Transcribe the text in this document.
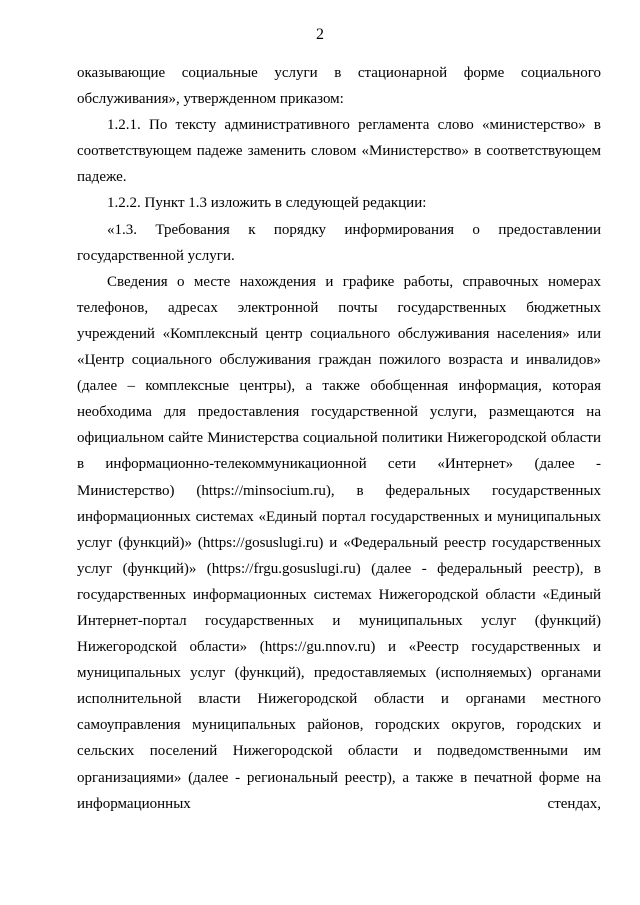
2

оказывающие социальные услуги в стационарной форме социального обслуживания», утвержденном приказом:

1.2.1. По тексту административного регламента слово «министерство» в соответствующем падеже заменить словом «Министерство» в соответствующем падеже.

1.2.2. Пункт 1.3 изложить в следующей редакции:

«1.3. Требования к порядку информирования о предоставлении государственной услуги.

Сведения о месте нахождения и графике работы, справочных номерах телефонов, адресах электронной почты государственных бюджетных учреждений «Комплексный центр социального обслуживания населения» или «Центр социального обслуживания граждан пожилого возраста и инвалидов» (далее – комплексные центры), а также обобщенная информация, которая необходима для предоставления государственной услуги, размещаются на официальном сайте Министерства социальной политики Нижегородской области в информационно-телекоммуникационной сети «Интернет» (далее - Министерство) (https://minsocium.ru), в федеральных государственных информационных системах «Единый портал государственных и муниципальных услуг (функций)» (https://gosuslugi.ru) и «Федеральный реестр государственных услуг (функций)» (https://frgu.gosuslugi.ru) (далее - федеральный реестр), в государственных информационных системах Нижегородской области «Единый Интернет-портал государственных и муниципальных услуг (функций) Нижегородской области» (https://gu.nnov.ru) и «Реестр государственных и муниципальных услуг (функций), предоставляемых (исполняемых) органами исполнительной власти Нижегородской области и органами местного самоуправления муниципальных районов, городских округов, городских и сельских поселений Нижегородской области и подведомственными им организациями» (далее - региональный реестр), а также в печатной форме на информационных стендах,
